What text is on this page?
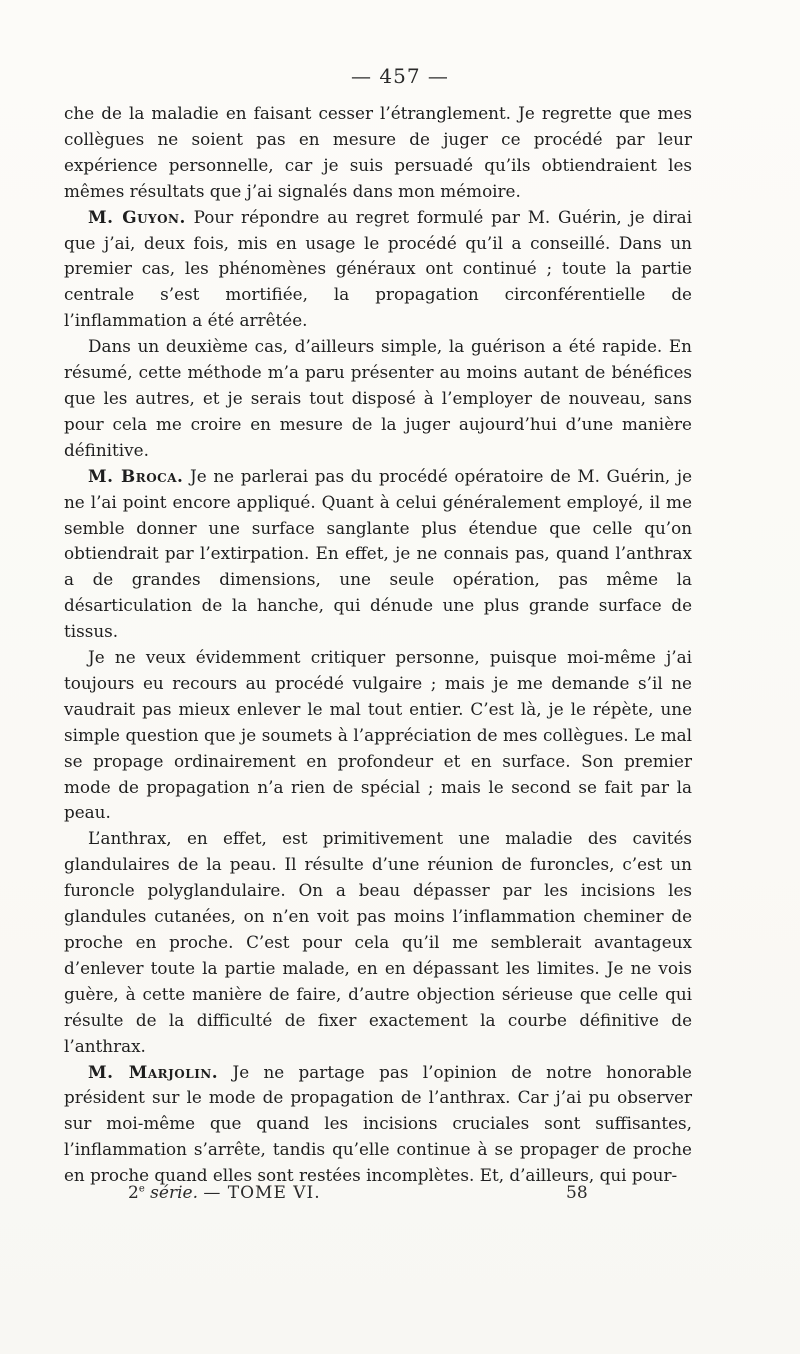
— 457 —

che de la maladie en faisant cesser l’étranglement. Je regrette que mes collègues ne soient pas en mesure de juger ce procédé par leur expérience personnelle, car je suis persuadé qu’ils obtiendraient les mêmes résultats que j’ai signalés dans mon mémoire.

M. Guyon. Pour répondre au regret formulé par M. Guérin, je dirai que j’ai, deux fois, mis en usage le procédé qu’il a conseillé. Dans un premier cas, les phénomènes généraux ont continué ; toute la partie centrale s’est mortifiée, la propagation circonférentielle de l’inflammation a été arrêtée.

Dans un deuxième cas, d’ailleurs simple, la guérison a été rapide. En résumé, cette méthode m’a paru présenter au moins autant de bénéfices que les autres, et je serais tout disposé à l’employer de nouveau, sans pour cela me croire en mesure de la juger aujourd’hui d’une manière définitive.

M. Broca. Je ne parlerai pas du procédé opératoire de M. Guérin, je ne l’ai point encore appliqué. Quant à celui généralement employé, il me semble donner une surface sanglante plus étendue que celle qu’on obtiendrait par l’extirpation. En effet, je ne connais pas, quand l’anthrax a de grandes dimensions, une seule opération, pas même la désarticulation de la hanche, qui dénude une plus grande surface de tissus.

Je ne veux évidemment critiquer personne, puisque moi-même j’ai toujours eu recours au procédé vulgaire ; mais je me demande s’il ne vaudrait pas mieux enlever le mal tout entier. C’est là, je le répète, une simple question que je soumets à l’appréciation de mes collègues. Le mal se propage ordinairement en profondeur et en surface. Son premier mode de propagation n’a rien de spécial ; mais le second se fait par la peau.

L’anthrax, en effet, est primitivement une maladie des cavités glandulaires de la peau. Il résulte d’une réunion de furoncles, c’est un furoncle polyglandulaire. On a beau dépasser par les incisions les glandules cutanées, on n’en voit pas moins l’inflammation cheminer de proche en proche. C’est pour cela qu’il me semblerait avantageux d’enlever toute la partie malade, en en dépassant les limites. Je ne vois guère, à cette manière de faire, d’autre objection sérieuse que celle qui résulte de la difficulté de fixer exactement la courbe définitive de l’anthrax.

M. Marjolin. Je ne partage pas l’opinion de notre honorable président sur le mode de propagation de l’anthrax. Car j’ai pu observer sur moi-même que quand les incisions cruciales sont suffisantes, l’inflammation s’arrête, tandis qu’elle continue à se propager de proche en proche quand elles sont restées incomplètes. Et, d’ailleurs, qui pour-

2e série. — TOME VI.	58
